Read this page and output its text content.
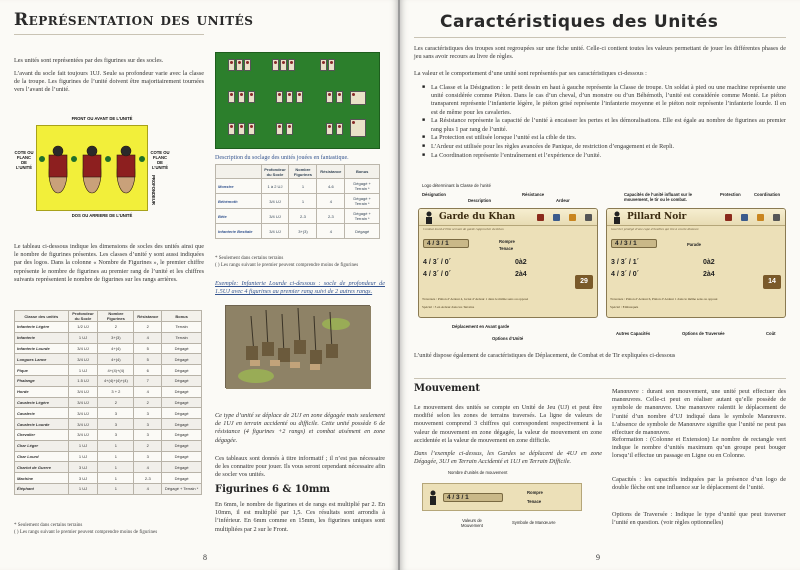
Représentation des unités
Les unités sont représentées par des figurines sur des socles.
L’avant du socle fait toujours 1UJ. Seule sa profondeur varie avec la classe de la troupe. Les figurines de l’unité doivent être majoritairement tournées vers l’avant de l’unité.
FRONT OU AVANT DE L’UNITÉ
COTE OU FLANC DE L’UNITÉ
COTE OU FLANC DE L’UNITÉ
PROFONDEUR
DOS OU ARRIERE DE L’UNITÉ
Le tableau ci-dessous indique les dimensions de socles des unités ainsi que le nombre de figurines présentes. Les classes d’unité y sont aussi indiquées par des logos. Dans la colonne « Nombre de Figurines », le premier chiffre représente le nombre de figurines au premier rang de l’unité et les chiffres suivants représentent le nombre de figurines sur les rangs arrières.
Classe des unités	Profondeur du Socle	Nombre Figurines	Résistance	Bonus
Infanterie Légère	1/2 UJ	2	2	Terrain
Infanterie	1 UJ	3+(3)	4	Terrain
Infanterie Lourde	3/4 UJ	4+(4)	5	Dégagé
Longues Lance	3/4 UJ	4+(4)	5	Dégagé
Pique	1 UJ	4+(4)+(4)	6	Dégagé
Phalange	1.5 UJ	4+(4)+(4)+(4)	7	Dégagé
Horde	3/4 UJ	3 + 2	4	Dégagé
Cavalerie Légère	3/4 UJ	2	2	Dégagé
Cavalerie	3/4 UJ	3	3	Dégagé
Cavalerie Lourde	3/4 UJ	3	3	Dégagé
Chevalier	3/4 UJ	3	3	Dégagé
Char Léger	1 UJ	1	2	Dégagé
Char Lourd	1 UJ	1	3	Dégagé
Chariot de Guerre	3 UJ	1	4	Dégagé
Machine	3 UJ	1	2-3	Dégagé
Éléphant	1 UJ	1	4	Dégagé + Terrain *
* Seulement dans certains terrains
( ) Les rangs suivant le premier peuvent comprendre moins de figurines
Description du soclage des unités jouées en fantastique.
	Profondeur du Socle	Nombre Figurines	Résistance	Bonus
Monstre	1 à 2 UJ	1	4-6	Dégagé + Terrain *
Béhémoth	3/4 UJ	1	4	Dégagé + Terrain *
Bête	3/4 UJ	2-3	2-3	Dégagé + Terrain *
Infanterie Bestiale	3/4 UJ	3+(3)	4	Dégagé
* Seulement dans certains terrains
( ) Les rangs suivant le premier peuvent comprendre moins de figurines
Exemple: Infanterie Lourde ci-dessous : socle de profondeur de 1.5UJ avec 4 figurines au premier rang suivi de 2 autres rangs.
Ce type d’unité se déplace de 2UJ en zone dégagée mais seulement de 1UJ en terrain accidenté ou difficile. Cette unité possède 6 de résistance (4 figurines +2 rangs) et combat aisément en zone dégagée.
Ces tableaux sont donnés à titre informatif ; il n’est pas nécessaire de les connaitre pour jouer. Ils vous seront cependant nécessaire afin de socler vos unités.
Figurines 6 & 10mm
En 6mm, le nombre de figurines et de rangs est multiplié par 2. En 10mm, il est multiplié par 1,5. Ces résultats sont arrondis à l’inférieur. En 6mm comme en 15mm, les figurines uniques sont multipliées par 2 sur le Front.
8
Caractéristiques des Unités
Les caractéristiques des troupes sont regroupées sur une fiche unité. Celle-ci contient toutes les valeurs permettant de jouer les différentes phases de jeu sans avoir recours au livre de règles.
La valeur et le comportement d’une unité sont représentés par ses caractéristiques ci-dessous :
■ La Classe et la Désignation : le petit dessin en haut à gauche représente la Classe de troupe. Un soldat à pied ou une machine représente une unité considérée comme Piéton. Dans le cas d’un cheval, d’un monstre ou d’un Béhémoth, l’unité est considérée comme Monté. Le piéton transparent représente l’infanterie légère, le piéton grisé représente l’infanterie moyenne et le piéton noir représente l’infanterie lourde. Il en est de même pour les cavaleries.
■ La Résistance représente la capacité de l’unité à encaisser les pertes et les démoralisations. Elle est égale au nombre de figurines au premier rang plus 1 par rang de l’unité.
■ La Protection est utilisée lorsque l’unité est la cible de tirs.
■ L’Ardeur est utilisée pour les règles avancées de Panique, de restriction d’engagement et de Repli.
■ La Coordination représente l’entraînement et l’expérience de l’unité.
Logo déterminant la Classe de l’unité
Désignation
Description
Résistance
Ardeur
Capacités de l’unité influant sur le mouvement, le tir ou le combat.
Protection	Coordination
Garde du Khan
Combat lourd d’élite servant de garde rapprochée du Khan
4 / 3 / 1	Rompre
Tenace
4 / 3´ / 0´
4 / 3´ / 0´
0à2
2à4
29
Traversée : Piéton d’Ardeur 4, Grisé d’Ardeur 1 dans le même sens ou opposé
Spécial : 3 en Ardeur dans les Terrains
Pillard Noir
Guerrier protégé d’une cape d’écailles qui tire à courte distance
4 / 3 / 1	Parade
3 / 3´ / 1´
4 / 3´ / 0´
0à2
2à4
14
Traversée : Piéton d’Ardeur 6, Piéton d’Ardeur 1 dans le même sens ou opposé
Spécial : Embusqués
Déplacement en Avant garde
Options d’Unité
Autres Capacités	Options de Traversée	Coût
L’unité dispose également de caractéristiques de Déplacement, de Combat et de Tir expliquées ci-dessous
Mouvement
Le mouvement des unités se compte en Unité de Jeu (UJ) et peut être modifié selon les zones de terrains traversés. La ligne de valeurs de mouvement comprend 3 chiffres qui correspondent respectivement à la valeur de mouvement en zone dégagée, la valeur de mouvement en zone accidentée et la valeur de mouvement en zone difficile.
Dans l’exemple ci-dessus, les Gardes se déplacent de 4UJ en zone Dégagée, 3UJ en Terrain Accidenté et 1UJ en Terrain Difficile.
Nombre d’unités de mouvement
4 / 3 / 1
Rompre
Tenace
Valeurs de Mouvement
Symbole de Manœuvre
Manœuvre : durant son mouvement, une unité peut effectuer des manœuvres. Celle-ci peut en réaliser autant qu’elle possède de symbole de manœuvre. Une manœuvre ralentit le déplacement de l’unité d’un nombre d’UJ indiqué dans le symbole Manœuvre. L’absence de symbole de Manœuvre signifie que l’unité ne peut pas effectuer de manœuvre.
Reformation : (Colonne et Extension) Le nombre de rectangle vert indique le nombre d’unités maximum qu’un groupe peut bouger lorsqu’il effectue un passage en Ligne ou en Colonne.
Capacités : les capacités indiquées par la présence d’un logo de double flèche ont une influence sur le déplacement de l’unité.
Options de Traversée : Indique le type d’unité que peut traverser l’unité en question. (voir règles optionnelles)
9
